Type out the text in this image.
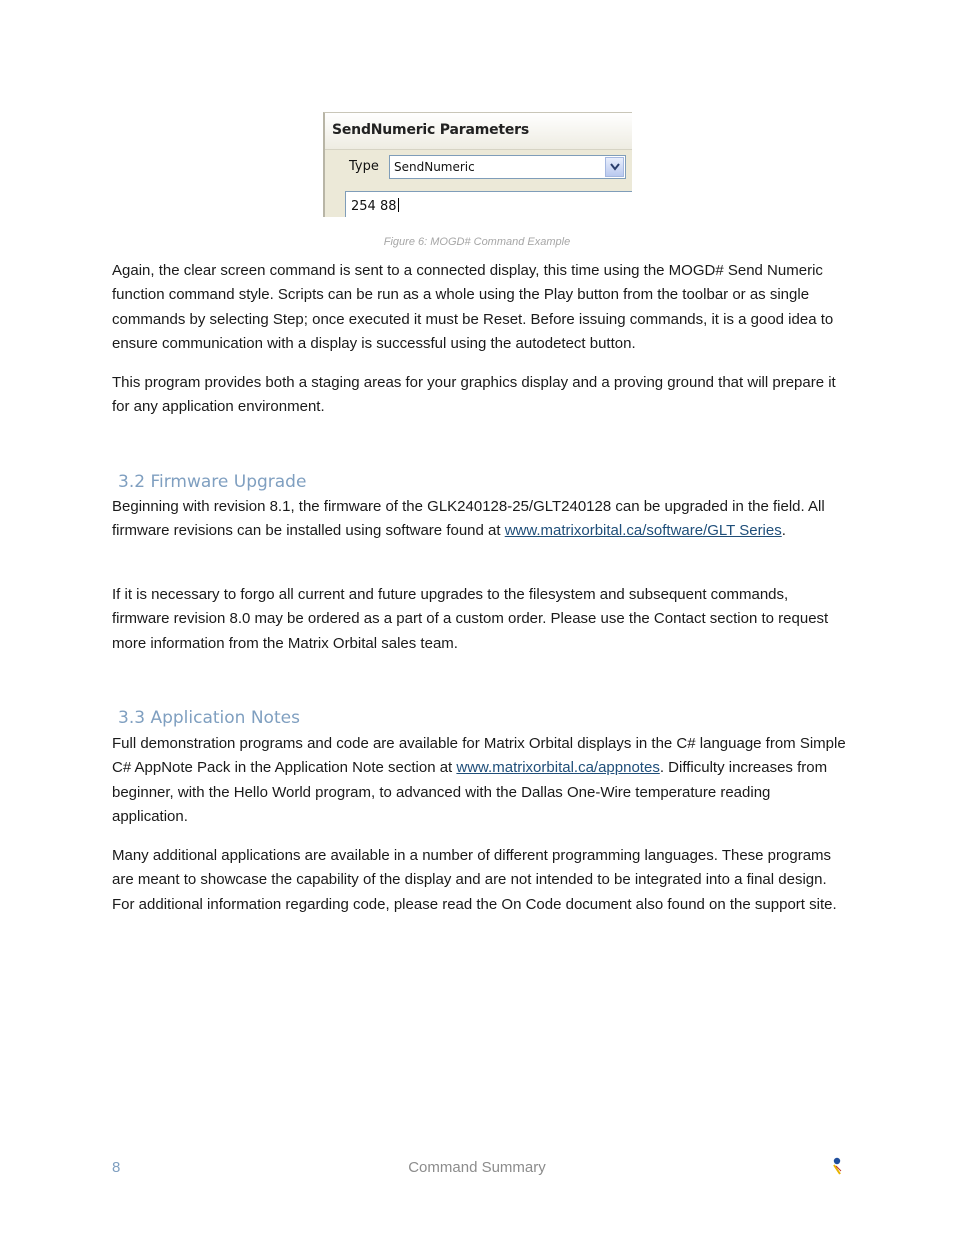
SendNumeric Parameters
Type SendNumeric
254 88
Figure 6: MOGD# Command Example

Again, the clear screen command is sent to a connected display, this time using the MOGD# Send Numeric function command style. Scripts can be run as a whole using the Play button from the toolbar or as single commands by selecting Step; once executed it must be Reset. Before issuing commands, it is a good idea to ensure communication with a display is successful using the autodetect button.

This program provides both a staging areas for your graphics display and a proving ground that will prepare it for any application environment.

3.2 Firmware Upgrade

Beginning with revision 8.1, the firmware of the GLK240128-25/GLT240128 can be upgraded in the field. All firmware revisions can be installed using software found at www.matrixorbital.ca/software/GLT Series.

If it is necessary to forgo all current and future upgrades to the filesystem and subsequent commands, firmware revision 8.0 may be ordered as a part of a custom order. Please use the Contact section to request more information from the Matrix Orbital sales team.

3.3 Application Notes

Full demonstration programs and code are available for Matrix Orbital displays in the C# language from Simple C# AppNote Pack in the Application Note section at www.matrixorbital.ca/appnotes. Difficulty increases from beginner, with the Hello World program, to advanced with the Dallas One-Wire temperature reading application.

Many additional applications are available in a number of different programming languages. These programs are meant to showcase the capability of the display and are not intended to be integrated into a final design. For additional information regarding code, please read the On Code document also found on the support site.

8	Command Summary
